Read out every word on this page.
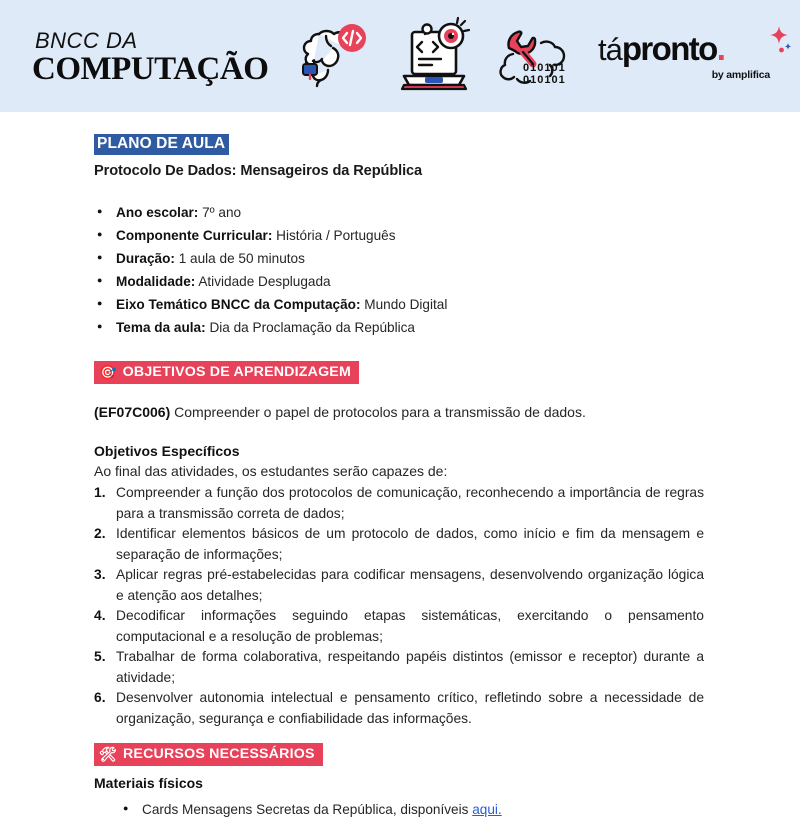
BNCC DA
COMPUTAÇÃO	010101
010101
tápronto.
by amplifica
PLANO DE AULA
Protocolo De Dados: Mensageiros da República
● Ano escolar: 7º ano
● Componente Curricular: História / Português
● Duração: 1 aula de 50 minutos
● Modalidade: Atividade Desplugada
● Eixo Temático BNCC da Computação: Mundo Digital
● Tema da aula: Dia da Proclamação da República
🎯 OBJETIVOS DE APRENDIZAGEM
(EF07C006) Compreender o papel de protocolos para a transmissão de dados.
Objetivos Específicos
Ao final das atividades, os estudantes serão capazes de:
Compreender a função dos protocolos de comunicação, reconhecendo a importância de regras para a transmissão correta de dados;
Identificar elementos básicos de um protocolo de dados, como início e fim da mensagem e separação de informações;
Aplicar regras pré-estabelecidas para codificar mensagens, desenvolvendo organização lógica e atenção aos detalhes;
Decodificar informações seguindo etapas sistemáticas, exercitando o pensamento computacional e a resolução de problemas;
Trabalhar de forma colaborativa, respeitando papéis distintos (emissor e receptor) durante a atividade;
Desenvolver autonomia intelectual e pensamento crítico, refletindo sobre a necessidade de organização, segurança e confiabilidade das informações.
🛠 RECURSOS NECESSÁRIOS
Materiais físicos
● Cards Mensagens Secretas da República, disponíveis aqui.
